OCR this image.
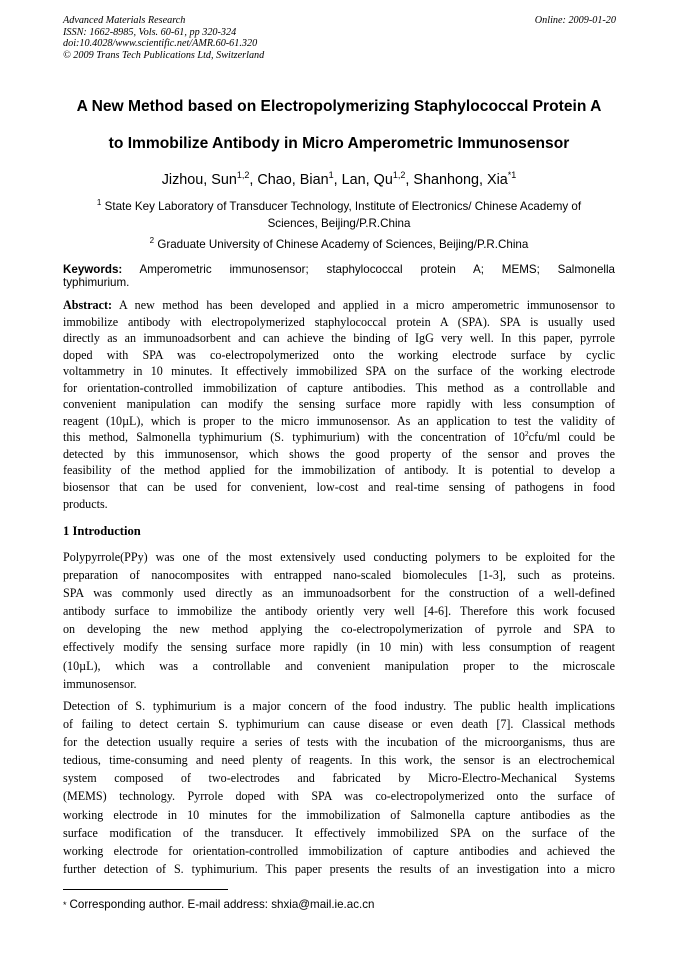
Advanced Materials Research
ISSN: 1662-8985, Vols. 60-61, pp 320-324
doi:10.4028/www.scientific.net/AMR.60-61.320
© 2009 Trans Tech Publications Ltd, Switzerland
Online: 2009-01-20
A New Method based on Electropolymerizing Staphylococcal Protein A
to Immobilize Antibody in Micro Amperometric Immunosensor
Jizhou, Sun$^{1,2}$, Chao, Bian$^1$, Lan, Qu$^{1,2}$, Shanhong, Xia$^{*1}$
$^1$ State Key Laboratory of Transducer Technology, Institute of Electronics/ Chinese Academy of
Sciences, Beijing/P.R.China
$^2$ Graduate University of Chinese Academy of Sciences, Beijing/P.R.China
Keywords: Amperometric immunosensor; staphylococcal protein A; MEMS; Salmonella
typhimurium.
Abstract: A new method has been developed and applied in a micro amperometric immunosensor to
immobilize antibody with electropolymerized staphylococcal protein A (SPA). SPA is usually used
directly as an immunoadsorbent and can achieve the binding of IgG very well. In this paper, pyrrole
doped with SPA was co-electropolymerized onto the working electrode surface by cyclic
voltammetry in 10 minutes. It effectively immobilized SPA on the surface of the working electrode
for orientation-controlled immobilization of capture antibodies. This method as a controllable and
convenient manipulation can modify the sensing surface more rapidly with less consumption of
reagent (10µL), which is proper to the micro immunosensor. As an application to test the validity of
this method, Salmonella typhimurium (S. typhimurium) with the concentration of $10^2cfu/ml$ could be
detected by this immunosensor, which shows the good property of the sensor and proves the
feasibility of the method applied for the immobilization of antibody. It is potential to develop a
biosensor that can be used for convenient, low-cost and real-time sensing of pathogens in food
products.
1 Introduction
Polypyrrole(PPy) was one of the most extensively used conducting polymers to be exploited for the
preparation of nanocomposites with entrapped nano-scaled biomolecules [1-3], such as proteins.
SPA was commonly used directly as an immunoadsorbent for the construction of a well-defined
antibody surface to immobilize the antibody oriently very well [4-6]. Therefore this work focused
on developing the new method applying the co-electropolymerization of pyrrole and SPA to
effectively modify the sensing surface more rapidly (in 10 min) with less consumption of reagent
(10µL), which was a controllable and convenient manipulation proper to the microscale
immunosensor.
Detection of S. typhimurium is a major concern of the food industry. The public health implications
of failing to detect certain S. typhimurium can cause disease or even death [7]. Classical methods
for the detection usually require a series of tests with the incubation of the microorganisms, thus are
tedious, time-consuming and need plenty of reagents. In this work, the sensor is an electrochemical
system composed of two-electrodes and fabricated by Micro-Electro-Mechanical Systems
(MEMS) technology. Pyrrole doped with SPA was co-electropolymerized onto the surface of
working electrode in 10 minutes for the immobilization of Salmonella capture antibodies as the
surface modification of the transducer. It effectively immobilized SPA on the surface of the
working electrode for orientation-controlled immobilization of capture antibodies and achieved the
further detection of S. typhimurium. This paper presents the results of an investigation into a micro
* Corresponding author. E-mail address: shxia@mail.ie.ac.cn
